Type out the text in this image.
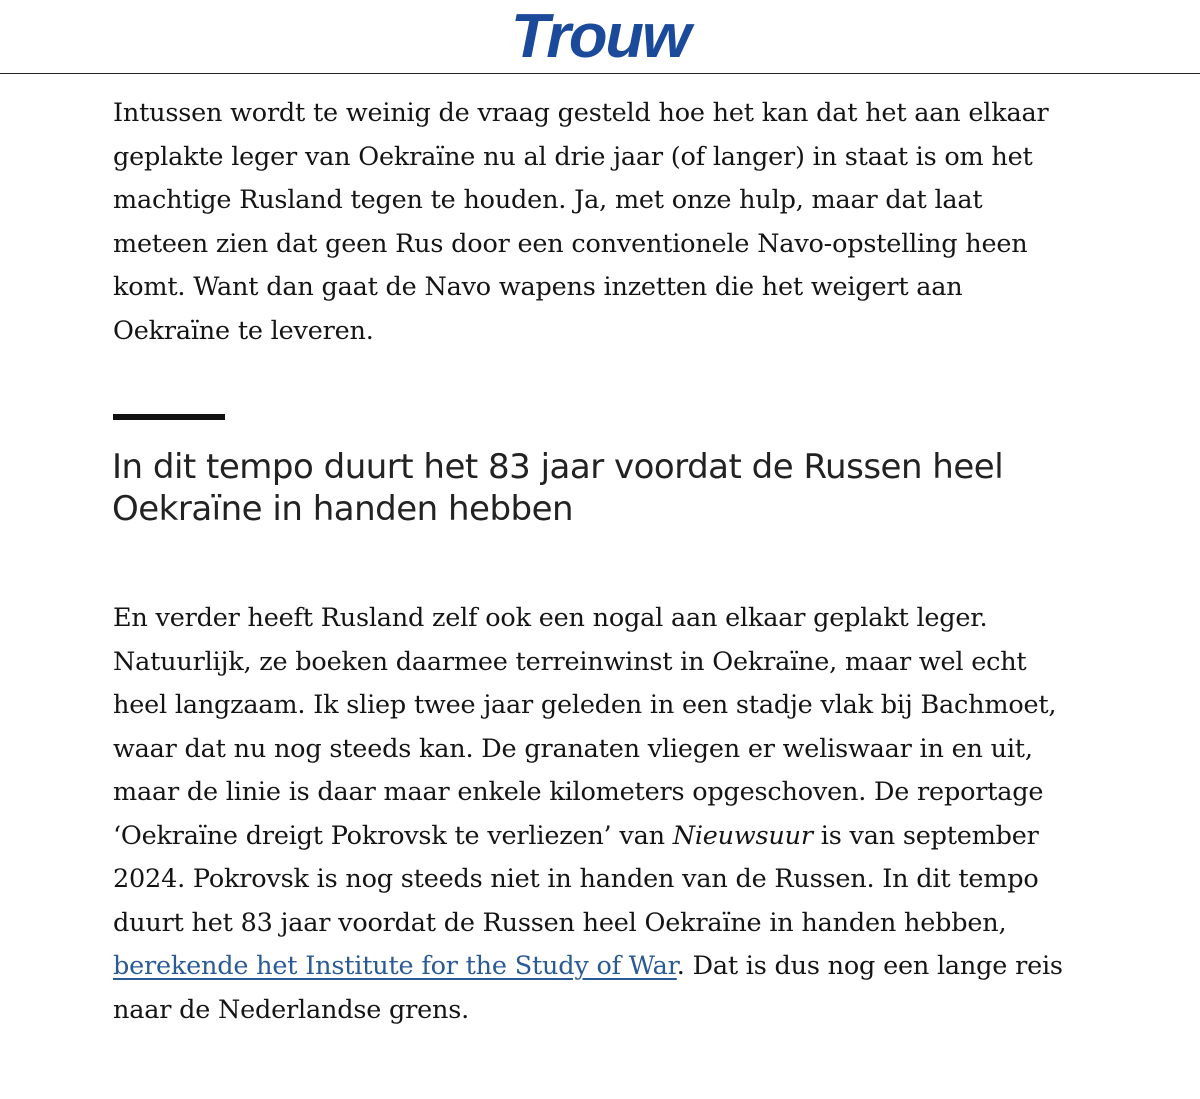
Trouw

Intussen wordt te weinig de vraag gesteld hoe het kan dat het aan elkaar geplakte leger van Oekraïne nu al drie jaar (of langer) in staat is om het machtige Rusland tegen te houden. Ja, met onze hulp, maar dat laat meteen zien dat geen Rus door een conventionele Navo-opstelling heen komt. Want dan gaat de Navo wapens inzetten die het weigert aan Oekraïne te leveren.

In dit tempo duurt het 83 jaar voordat de Russen heel Oekraïne in handen hebben

En verder heeft Rusland zelf ook een nogal aan elkaar geplakt leger. Natuurlijk, ze boeken daarmee terreinwinst in Oekraïne, maar wel echt heel langzaam. Ik sliep twee jaar geleden in een stadje vlak bij Bachmoet, waar dat nu nog steeds kan. De granaten vliegen er weliswaar in en uit, maar de linie is daar maar enkele kilometers opgeschoven. De reportage ‘Oekraïne dreigt Pokrovsk te verliezen’ van Nieuwsuur is van september 2024. Pokrovsk is nog steeds niet in handen van de Russen. In dit tempo duurt het 83 jaar voordat de Russen heel Oekraïne in handen hebben, berekende het Institute for the Study of War. Dat is dus nog een lange reis naar de Nederlandse grens.
